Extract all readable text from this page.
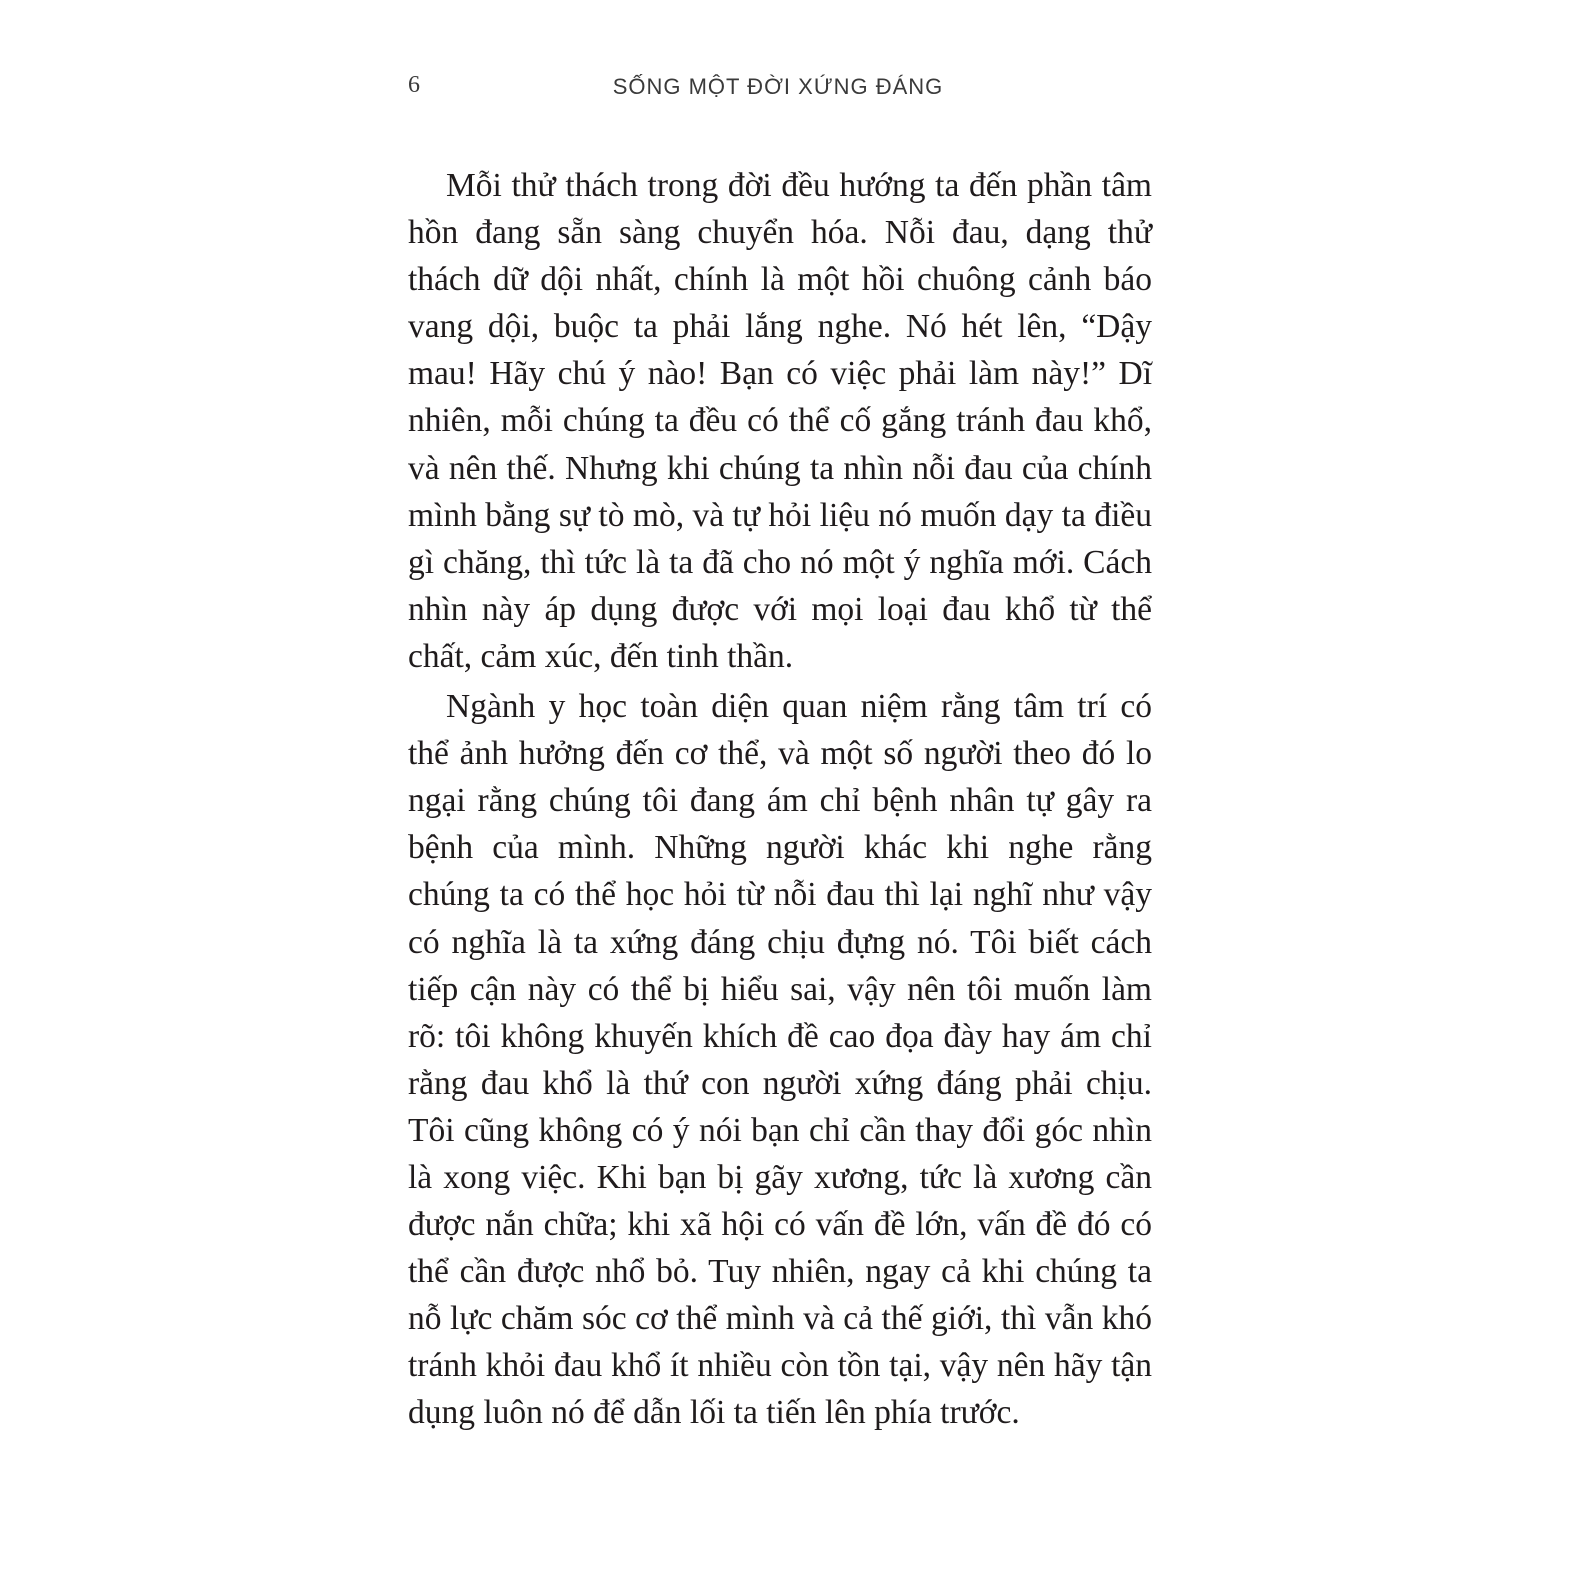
6	SỐNG MỘT ĐỜI XỨNG ĐÁNG

Mỗi thử thách trong đời đều hướng ta đến phần tâm hồn đang sẵn sàng chuyển hóa. Nỗi đau, dạng thử thách dữ dội nhất, chính là một hồi chuông cảnh báo vang dội, buộc ta phải lắng nghe. Nó hét lên, “Dậy mau! Hãy chú ý nào! Bạn có việc phải làm này!” Dĩ nhiên, mỗi chúng ta đều có thể cố gắng tránh đau khổ, và nên thế. Nhưng khi chúng ta nhìn nỗi đau của chính mình bằng sự tò mò, và tự hỏi liệu nó muốn dạy ta điều gì chăng, thì tức là ta đã cho nó một ý nghĩa mới. Cách nhìn này áp dụng được với mọi loại đau khổ từ thể chất, cảm xúc, đến tinh thần.

Ngành y học toàn diện quan niệm rằng tâm trí có thể ảnh hưởng đến cơ thể, và một số người theo đó lo ngại rằng chúng tôi đang ám chỉ bệnh nhân tự gây ra bệnh của mình. Những người khác khi nghe rằng chúng ta có thể học hỏi từ nỗi đau thì lại nghĩ như vậy có nghĩa là ta xứng đáng chịu đựng nó. Tôi biết cách tiếp cận này có thể bị hiểu sai, vậy nên tôi muốn làm rõ: tôi không khuyến khích đề cao đọa đày hay ám chỉ rằng đau khổ là thứ con người xứng đáng phải chịu. Tôi cũng không có ý nói bạn chỉ cần thay đổi góc nhìn là xong việc. Khi bạn bị gãy xương, tức là xương cần được nắn chữa; khi xã hội có vấn đề lớn, vấn đề đó có thể cần được nhổ bỏ. Tuy nhiên, ngay cả khi chúng ta nỗ lực chăm sóc cơ thể mình và cả thế giới, thì vẫn khó tránh khỏi đau khổ ít nhiều còn tồn tại, vậy nên hãy tận dụng luôn nó để dẫn lối ta tiến lên phía trước.
